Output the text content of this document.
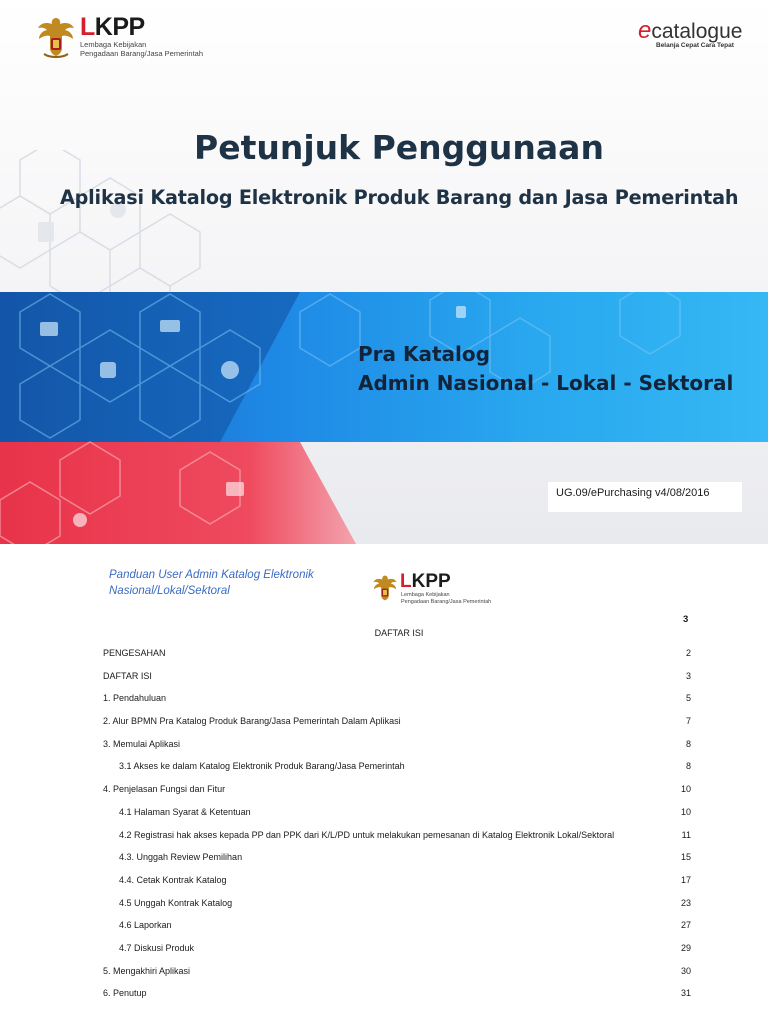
LKPP
Lembaga Kebijakan
Pengadaan Barang/Jasa Pemerintah
ecatalogue
Belanja Cepat Cara Tepat
Petunjuk Penggunaan
Aplikasi Katalog Elektronik Produk Barang dan Jasa Pemerintah
Pra Katalog
Admin Nasional - Lokal - Sektoral
UG.09/ePurchasing v4/08/2016
Panduan User Admin Katalog Elektronik
Nasional/Lokal/Sektoral	LKPP
Lembaga Kebijakan
Pengadaan Barang/Jasa Pemerintah
3
DAFTAR ISI
PENGESAHAN	2
DAFTAR ISI	3
1. Pendahuluan	5
2. Alur BPMN Pra Katalog Produk Barang/Jasa Pemerintah Dalam Aplikasi	7
3. Memulai Aplikasi	8
3.1 Akses ke dalam Katalog Elektronik Produk Barang/Jasa Pemerintah	8
4. Penjelasan Fungsi dan Fitur	10
4.1 Halaman Syarat & Ketentuan	10
4.2 Registrasi hak akses kepada PP dan PPK dari K/L/PD untuk melakukan pemesanan di Katalog Elektronik Lokal/Sektoral	11
4.3. Unggah Review Pemilihan	15
4.4. Cetak Kontrak Katalog	17
4.5 Unggah Kontrak Katalog	23
4.6 Laporkan	27
4.7 Diskusi Produk	29
5. Mengakhiri Aplikasi	30
6. Penutup	31
